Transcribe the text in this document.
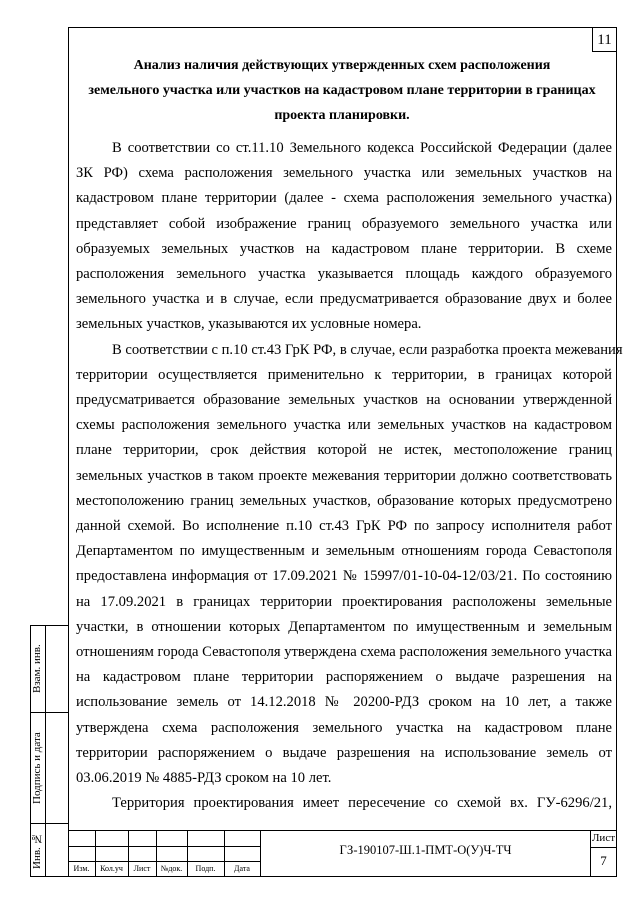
11
Анализ наличия действующих утвержденных схем расположения
земельного участка или участков на кадастровом плане территории в границах
проекта планировки.
В соответствии со ст.11.10 Земельного кодекса Российской Федерации (далее
ЗК РФ) схема расположения земельного участка или земельных участков на
кадастровом плане территории (далее - схема расположения земельного участка)
представляет собой изображение границ образуемого земельного участка или
образуемых земельных участков на кадастровом плане территории. В схеме
расположения земельного участка указывается площадь каждого образуемого
земельного участка и в случае, если предусматривается образование двух и более
земельных участков, указываются их условные номера.
В соответствии с п.10 ст.43 ГрК РФ, в случае, если разработка проекта межевания
территории осуществляется применительно к территории, в границах которой
предусматривается образование земельных участков на основании утвержденной
схемы расположения земельного участка или земельных участков на кадастровом
плане территории, срок действия которой не истек, местоположение границ
земельных участков в таком проекте межевания территории должно соответствовать
местоположению границ земельных участков, образование которых предусмотрено
данной схемой. Во исполнение п.10 ст.43 ГрК РФ по запросу исполнителя работ
Департаментом по имущественным и земельным отношениям города Севастополя
предоставлена информация от 17.09.2021 № 15997/01-10-04-12/03/21. По состоянию
на 17.09.2021 в границах территории проектирования расположены земельные
участки, в отношении которых Департаментом по имущественным и земельным
отношениям города Севастополя утверждена схема расположения земельного участка
на кадастровом плане территории распоряжением о выдаче разрешения на
использование земель от 14.12.2018 № 20200-РДЗ сроком на 10 лет, а также
утверждена схема расположения земельного участка на кадастровом плане
территории распоряжением о выдаче разрешения на использование земель от
03.06.2019 № 4885-РДЗ сроком на 10 лет.
Территория проектирования имеет пересечение со схемой вх. ГУ-6296/21,
Взам. инв.
Подпись и дата
Инв. №	Изм.	Кол.уч	Лист	№док.	Подп.	Дата
ГЗ-190107-Ш.1-ПМТ-О(У)Ч-ТЧ
Лист
7
